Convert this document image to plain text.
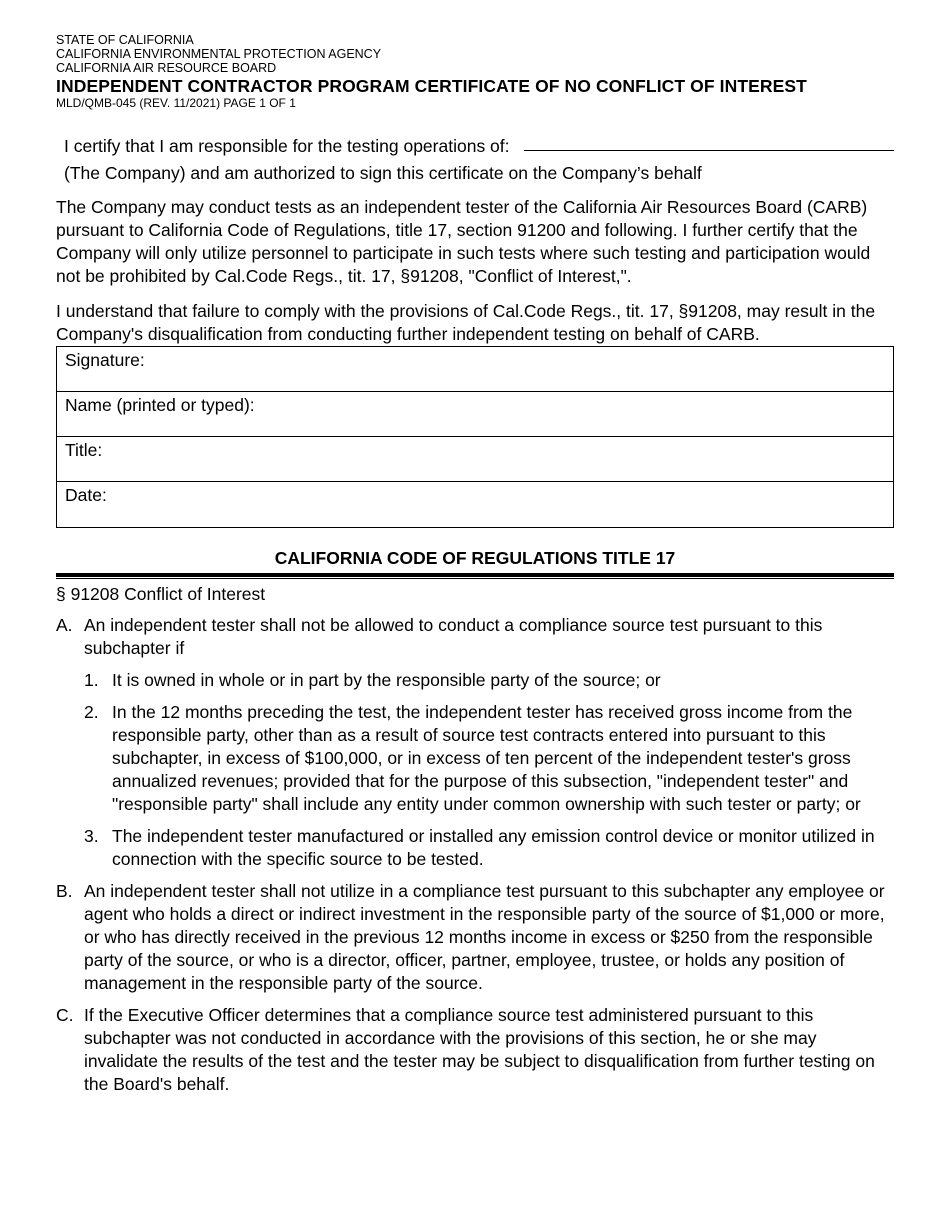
STATE OF CALIFORNIA
CALIFORNIA ENVIRONMENTAL PROTECTION AGENCY
CALIFORNIA AIR RESOURCE BOARD
INDEPENDENT CONTRACTOR PROGRAM CERTIFICATE OF NO CONFLICT OF INTEREST
MLD/QMB-045 (REV. 11/2021) PAGE 1 OF 1
I certify that I am responsible for the testing operations of:
(The Company) and am authorized to sign this certificate on the Company’s behalf
The Company may conduct tests as an independent tester of the California Air Resources Board (CARB) pursuant to California Code of Regulations, title 17, section 91200 and following. I further certify that the Company will only utilize personnel to participate in such tests where such testing and participation would not be prohibited by Cal.Code Regs., tit. 17, §91208, "Conflict of Interest,".
I understand that failure to comply with the provisions of Cal.Code Regs., tit. 17, §91208, may result in the Company's disqualification from conducting further independent testing on behalf of CARB.
Signature:
Name (printed or typed):
Title:
Date:
CALIFORNIA CODE OF REGULATIONS TITLE 17
§ 91208 Conflict of Interest
A. An independent tester shall not be allowed to conduct a compliance source test pursuant to this subchapter if
1. It is owned in whole or in part by the responsible party of the source; or
2. In the 12 months preceding the test, the independent tester has received gross income from the responsible party, other than as a result of source test contracts entered into pursuant to this subchapter, in excess of $100,000, or in excess of ten percent of the independent tester's gross annualized revenues; provided that for the purpose of this subsection, "independent tester" and "responsible party" shall include any entity under common ownership with such tester or party; or
3. The independent tester manufactured or installed any emission control device or monitor utilized in connection with the specific source to be tested.
B. An independent tester shall not utilize in a compliance test pursuant to this subchapter any employee or agent who holds a direct or indirect investment in the responsible party of the source of $1,000 or more, or who has directly received in the previous 12 months income in excess or $250 from the responsible party of the source, or who is a director, officer, partner, employee, trustee, or holds any position of management in the responsible party of the source.
C. If the Executive Officer determines that a compliance source test administered pursuant to this subchapter was not conducted in accordance with the provisions of this section, he or she may invalidate the results of the test and the tester may be subject to disqualification from further testing on the Board's behalf.
